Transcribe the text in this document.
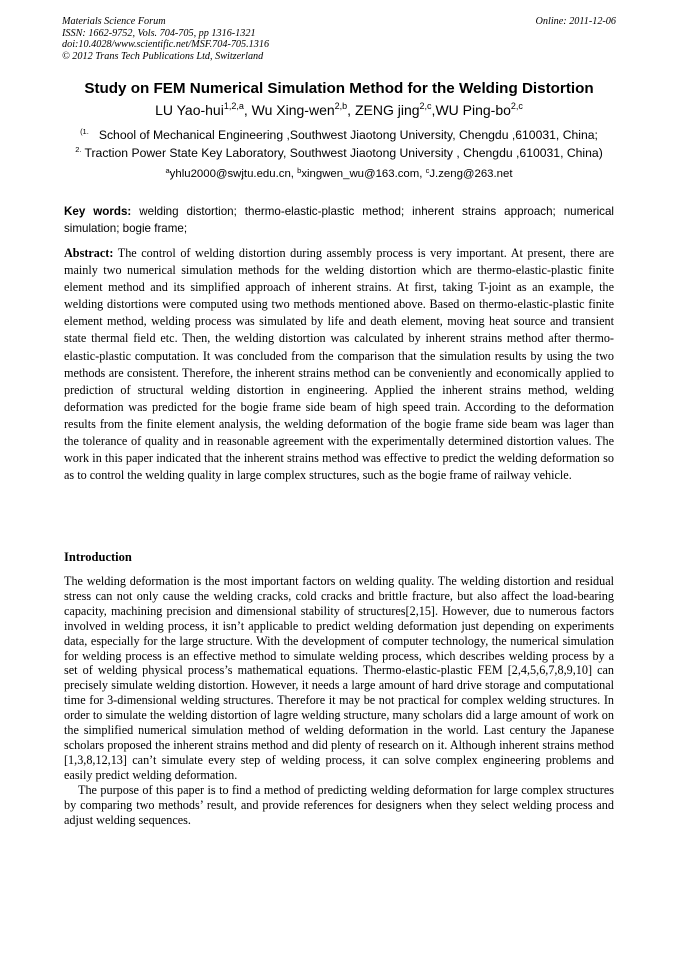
Materials Science Forum
ISSN: 1662-9752, Vols. 704-705, pp 1316-1321
doi:10.4028/www.scientific.net/MSF.704-705.1316
© 2012 Trans Tech Publications Ltd, Switzerland
Online: 2011-12-06
Study on FEM Numerical Simulation Method for the Welding Distortion
LU Yao-hui$^{1,2,a}$, Wu Xing-wen$^{2,b}$, ZENG jing$^{2,c}$,WU Ping-bo$^{2,c}$
$^{(1.}$ School of Mechanical Engineering ,Southwest Jiaotong University, Chengdu ,610031, China;
$^{2.}$ Traction Power State Key Laboratory, Southwest Jiaotong University , Chengdu ,610031, China)
$^a$yhlu2000@swjtu.edu.cn, $^b$xingwen_wu@163.com, $^c$J.zeng@263.net
Key words: welding distortion; thermo-elastic-plastic method; inherent strains approach; numerical simulation; bogie frame;
Abstract: The control of welding distortion during assembly process is very important. At present, there are mainly two numerical simulation methods for the welding distortion which are thermo-elastic-plastic finite element method and its simplified approach of inherent strains. At first, taking T-joint as an example, the welding distortions were computed using two methods mentioned above. Based on thermo-elastic-plastic finite element method, welding process was simulated by life and death element, moving heat source and transient state thermal field etc. Then, the welding distortion was calculated by inherent strains method after thermo-elastic-plastic computation. It was concluded from the comparison that the simulation results by using the two methods are consistent. Therefore, the inherent strains method can be conveniently and economically applied to prediction of structural welding distortion in engineering. Applied the inherent strains method, welding deformation was predicted for the bogie frame side beam of high speed train. According to the deformation results from the finite element analysis, the welding deformation of the bogie frame side beam was lager than the tolerance of quality and in reasonable agreement with the experimentally determined distortion values. The work in this paper indicated that the inherent strains method was effective to predict the welding deformation so as to control the welding quality in large complex structures, such as the bogie frame of railway vehicle.
Introduction

The welding deformation is the most important factors on welding quality. The welding distortion and residual stress can not only cause the welding cracks, cold cracks and brittle fracture, but also affect the load-bearing capacity, machining precision and dimensional stability of structures[2,15]. However, due to numerous factors involved in welding process, it isn’t applicable to predict welding deformation just depending on experiments data, especially for the large structure. With the development of computer technology, the numerical simulation for welding process is an effective method to simulate welding process, which describes welding process by a set of welding physical process’s mathematical equations. Thermo-elastic-plastic FEM [2,4,5,6,7,8,9,10] can precisely simulate welding distortion. However, it needs a large amount of hard drive storage and computational time for 3-dimensional welding structures. Therefore it may be not practical for complex welding structures. In order to simulate the welding distortion of lagre welding structure, many scholars did a large amount of work on the simplified numerical simulation method of welding deformation in the world. Last century the Japanese scholars proposed the inherent strains method and did plenty of research on it. Although inherent strains method [1,3,8,12,13] can’t simulate every step of welding process, it can solve complex engineering problems and easily predict welding deformation.

The purpose of this paper is to find a method of predicting welding deformation for large complex structures by comparing two methods’ result, and provide references for designers when they select welding process and adjust welding sequences.
